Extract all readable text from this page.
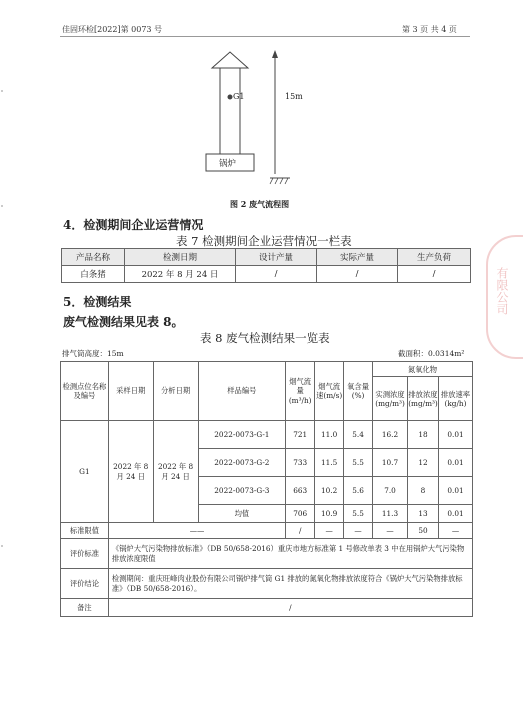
佳固环检[2022]第 0073 号	第 3 页 共 4 页
G1	15m
锅炉
图 2 废气流程图
4．检测期间企业运营情况
表 7 检测期间企业运营情况一栏表
产品名称	检测日期	设计产量	实际产量	生产负荷
白条猪	2022 年 8 月 24 日	/	/	/
5．检测结果
废气检测结果见表 8。
表 8 废气检测结果一览表
排气筒高度：15m	截面积：0.0314m²
检测点位名称及编号	采样日期	分析日期	样品编号	烟气流量(m³/h)	烟气流速(m/s)	氧含量(%)	氮氧化物		
							实测浓度(mg/m³)	排放浓度(mg/m³)	排放速率(kg/h)
G1	2022 年 8 月 24 日	2022 年 8 月 24 日	2022-0073-G-1	721	11.0	5.4	16.2	18	0.01
			2022-0073-G-2	733	11.5	5.5	10.7	12	0.01
			2022-0073-G-3	663	10.2	5.6	7.0	8	0.01
			均值	706	10.9	5.5	11.3	13	0.01
标准限值	——			/	—	—	—	50	—
评价标准	《锅炉大气污染物排放标准》（DB 50/658-2016）重庆市地方标准第 1 号修改单表 3 中在用锅炉大气污染物排放浓度限值								
评价结论	检测期间：重庆旺峰肉业股份有限公司锅炉排气筒 G1 排放的氮氧化物排放浓度符合《锅炉大气污染物排放标准》（DB 50/658-2016）。								
备注	/								
有限公司
